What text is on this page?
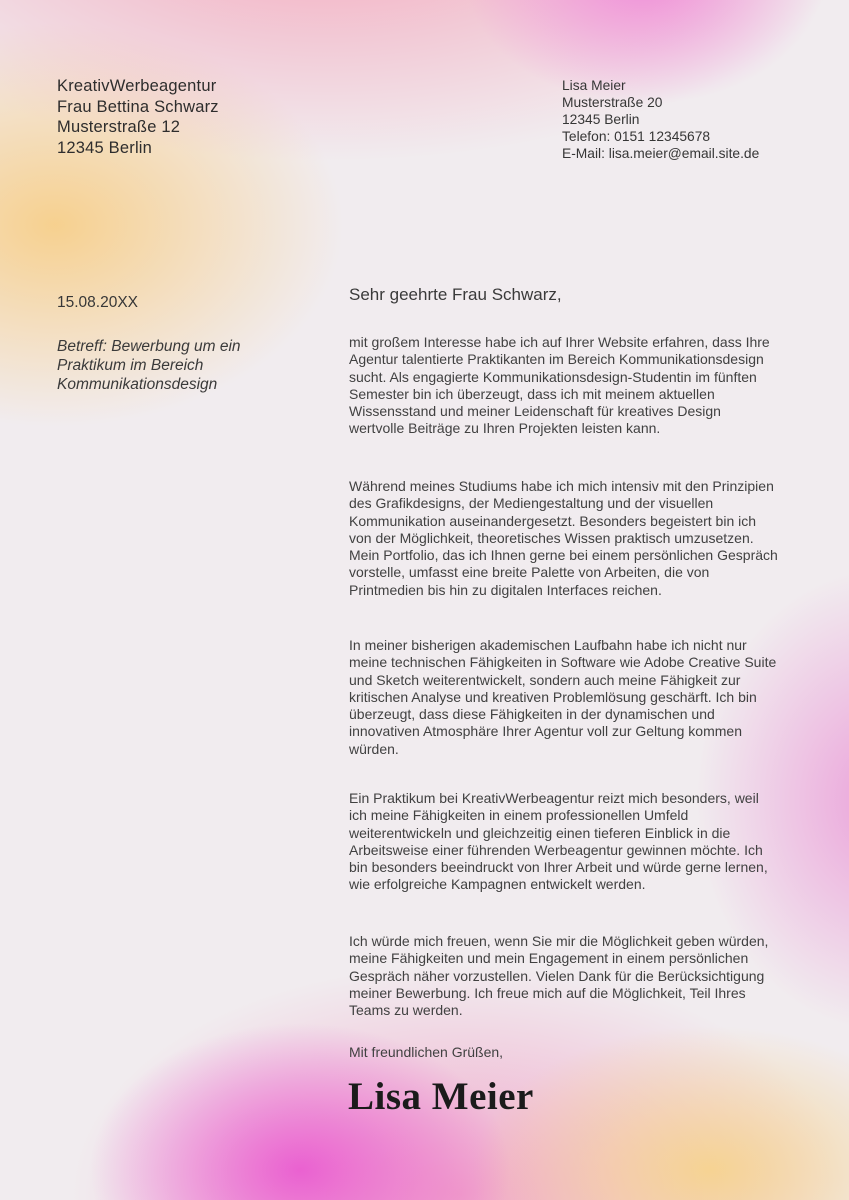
KreativWerbeagentur
Frau Bettina Schwarz
Musterstraße 12
12345 Berlin
Lisa Meier
Musterstraße 20
12345 Berlin
Telefon: 0151 12345678
E-Mail: lisa.meier@email.site.de
15.08.20XX
Betreff: Bewerbung um ein Praktikum im Bereich Kommunikationsdesign
Sehr geehrte Frau Schwarz,

mit großem Interesse habe ich auf Ihrer Website erfahren, dass Ihre Agentur talentierte Praktikanten im Bereich Kommunikationsdesign sucht. Als engagierte Kommunikationsdesign-Studentin im fünften Semester bin ich überzeugt, dass ich mit meinem aktuellen Wissensstand und meiner Leidenschaft für kreatives Design wertvolle Beiträge zu Ihren Projekten leisten kann.

Während meines Studiums habe ich mich intensiv mit den Prinzipien des Grafikdesigns, der Mediengestaltung und der visuellen Kommunikation auseinandergesetzt. Besonders begeistert bin ich von der Möglichkeit, theoretisches Wissen praktisch umzusetzen. Mein Portfolio, das ich Ihnen gerne bei einem persönlichen Gespräch vorstelle, umfasst eine breite Palette von Arbeiten, die von Printmedien bis hin zu digitalen Interfaces reichen.

In meiner bisherigen akademischen Laufbahn habe ich nicht nur meine technischen Fähigkeiten in Software wie Adobe Creative Suite und Sketch weiterentwickelt, sondern auch meine Fähigkeit zur kritischen Analyse und kreativen Problemlösung geschärft. Ich bin überzeugt, dass diese Fähigkeiten in der dynamischen und innovativen Atmosphäre Ihrer Agentur voll zur Geltung kommen würden.

Ein Praktikum bei KreativWerbeagentur reizt mich besonders, weil ich meine Fähigkeiten in einem professionellen Umfeld weiterentwickeln und gleichzeitig einen tieferen Einblick in die Arbeitsweise einer führenden Werbeagentur gewinnen möchte. Ich bin besonders beeindruckt von Ihrer Arbeit und würde gerne lernen, wie erfolgreiche Kampagnen entwickelt werden.

Ich würde mich freuen, wenn Sie mir die Möglichkeit geben würden, meine Fähigkeiten und mein Engagement in einem persönlichen Gespräch näher vorzustellen. Vielen Dank für die Berücksichtigung meiner Bewerbung. Ich freue mich auf die Möglichkeit, Teil Ihres Teams zu werden.

Mit freundlichen Grüßen,
Lisa Meier
